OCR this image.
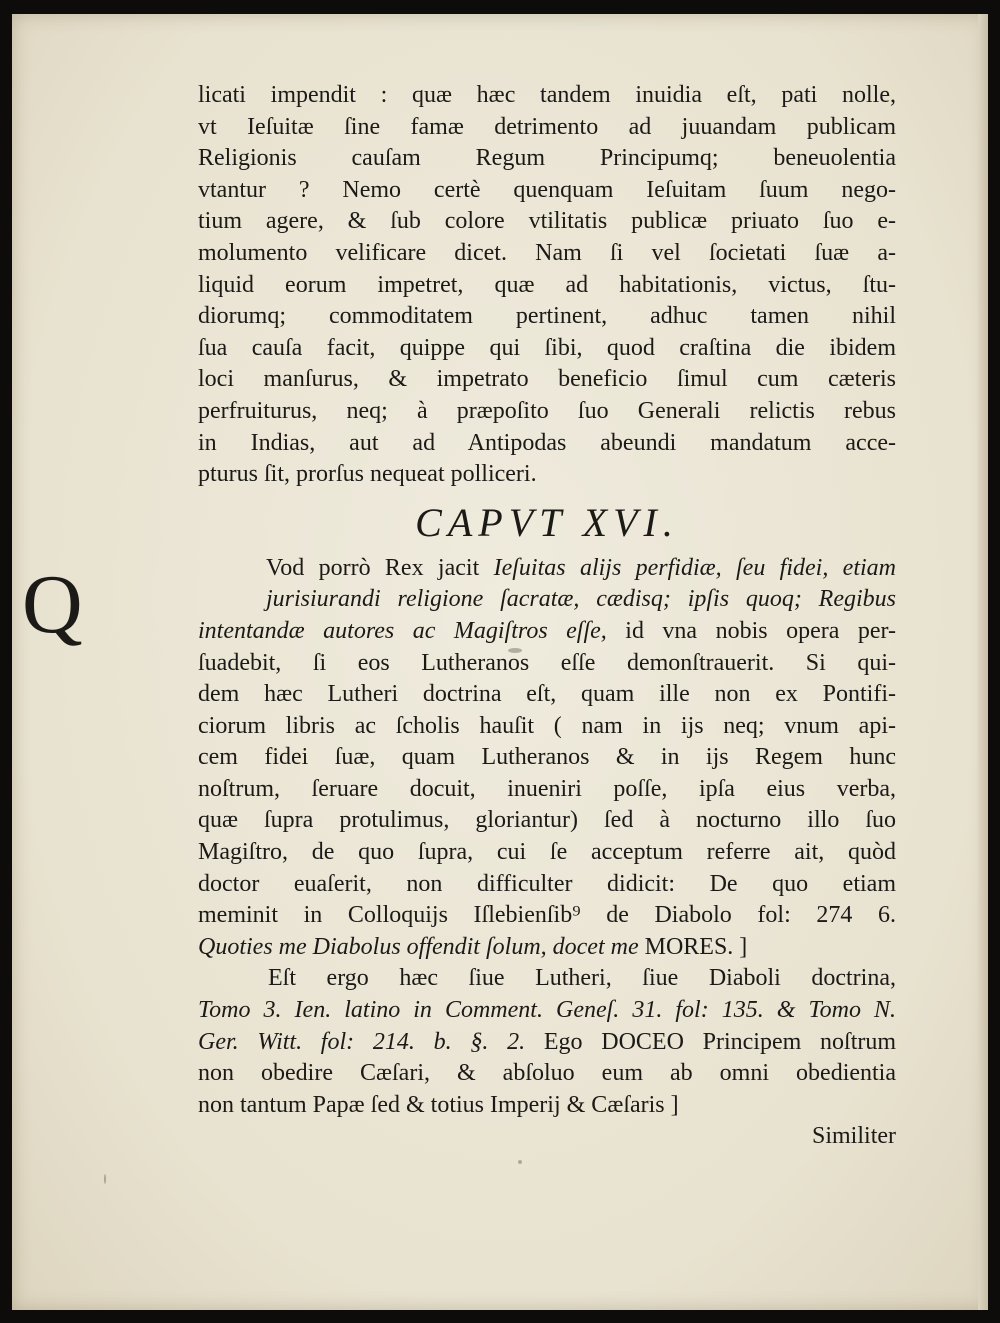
licati impendit : quæ hæc tandem inuidia eſt, pati nolle,
vt Ieſuitæ ſine famæ detrimento ad juuandam publicam
Religionis cauſam Regum Principumq; beneuolentia
vtantur ? Nemo certè quenquam Ieſuitam ſuum nego-
tium agere, & ſub colore vtilitatis publicæ priuato ſuo e-
molumento velificare dicet. Nam ſi vel ſocietati ſuæ a-
liquid eorum impetret, quæ ad habitationis, victus, ſtu-
diorumq; commoditatem pertinent, adhuc tamen nihil
ſua cauſa facit, quippe qui ſibi, quod craſtina die ibidem
loci manſurus, & impetrato beneficio ſimul cum cæteris
perfruiturus, neq; à præpoſito ſuo Generali relictis rebus
in Indias, aut ad Antipodas abeundi mandatum acce-
pturus ſit, prorſus nequeat polliceri.
CAPVT XVI.
Vod porrò Rex jacit Ieſuitas alijs perfidiæ, ſeu fidei, etiam
jurisiurandi religione ſacratæ, cædisq; ipſis quoq; Regibus
intentandæ autores ac Magiſtros eſſe, id vna nobis opera per-
ſuadebit, ſi eos Lutheranos eſſe demonſtrauerit. Si qui-
dem hæc Lutheri doctrina eſt, quam ille non ex Pontifi-
ciorum libris ac ſcholis hauſit ( nam in ijs neq; vnum api-
cem fidei ſuæ, quam Lutheranos & in ijs Regem hunc
noſtrum, ſeruare docuit, inueniri poſſe, ipſa eius verba,
quæ ſupra protulimus, gloriantur) ſed à nocturno illo ſuo
Magiſtro, de quo ſupra, cui ſe acceptum referre ait, quòd
doctor euaſerit, non difficulter didicit: De quo etiam
meminit in Colloquijs Iſlebienſib⁹ de Diabolo fol: 274 6.
Quoties me Diabolus offendit ſolum, docet me MORES. ]
Eſt ergo hæc ſiue Lutheri, ſiue Diaboli doctrina,
Tomo 3. Ien. latino in Comment. Geneſ. 31. fol: 135. & Tomo N.
Ger. Witt. fol: 214. b. §. 2. Ego DOCEO Principem noſtrum
non obedire Cæſari, & abſoluo eum ab omni obedientia
non tantum Papæ ſed & totius Imperij & Cæſaris ]
Similiter
Q
